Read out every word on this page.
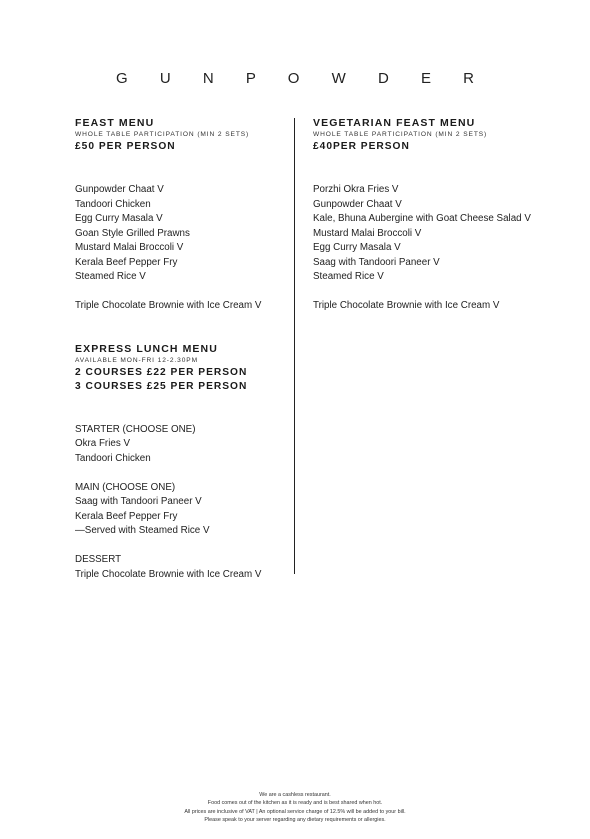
G U N P O W D E R
FEAST MENU
WHOLE TABLE PARTICIPATION (MIN 2 SETS)
£50 PER PERSON
Gunpowder Chaat V
Tandoori Chicken
Egg Curry Masala V
Goan Style Grilled Prawns
Mustard Malai Broccoli V
Kerala Beef Pepper Fry
Steamed Rice V
Triple Chocolate Brownie with Ice Cream V
EXPRESS LUNCH MENU
AVAILABLE MON-FRI 12-2.30PM
2 COURSES £22 PER PERSON
3 COURSES £25 PER PERSON
STARTER (CHOOSE ONE)
Okra Fries V
Tandoori Chicken
MAIN (CHOOSE ONE)
Saag with Tandoori Paneer V
Kerala Beef Pepper Fry
—Served with Steamed Rice V
DESSERT
Triple Chocolate Brownie with Ice Cream V
VEGETARIAN FEAST MENU
WHOLE TABLE PARTICIPATION (MIN 2 SETS)
£40PER PERSON
Porzhi Okra Fries V
Gunpowder Chaat V
Kale, Bhuna Aubergine with Goat Cheese Salad V
Mustard Malai Broccoli V
Egg Curry Masala V
Saag with Tandoori Paneer V
Steamed Rice V
Triple Chocolate Brownie with Ice Cream V
We are a cashless restaurant.
Food comes out of the kitchen as it is ready and is best shared when hot.
All prices are inclusive of VAT | An optional service charge of 12.5% will be added to your bill.
Please speak to your server regarding any dietary requirements or allergies.
